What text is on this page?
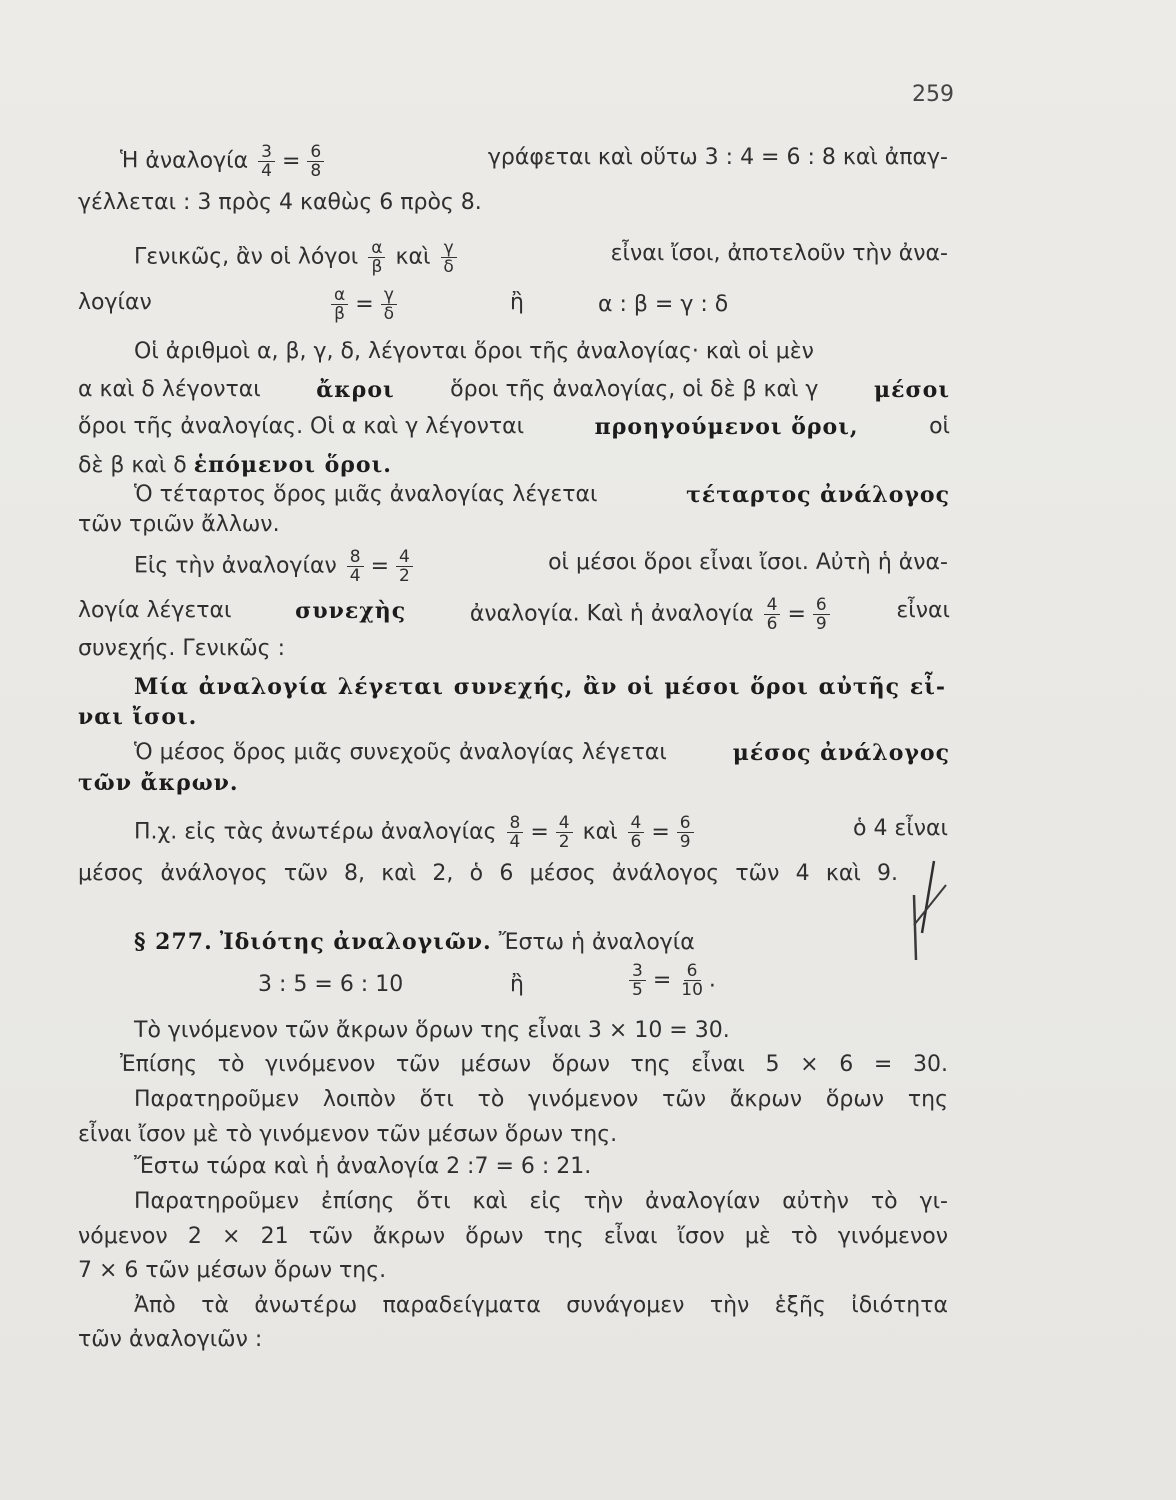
259
Ἡ ἀναλογία $\frac{3}{4} = \frac{6}{8}$	γράφεται καὶ οὕτω 3 : 4 = 6 : 8 καὶ ἀπαγ-
γέλλεται : 3 πρὸς 4 καθὼς 6 πρὸς 8.
Γενικῶς, ἂν οἱ λόγοι $\frac{\alpha}{\beta}$ καὶ $\frac{\gamma}{\delta}$	εἶναι ἴσοι, ἀποτελοῦν τὴν ἀνα-
λογίαν	$\frac{\alpha}{\beta} = \frac{\gamma}{\delta}$	ἢ	α : β = γ : δ
Οἱ ἀριθμοὶ α, β, γ, δ, λέγονται ὅροι τῆς ἀναλογίας· καὶ οἱ μὲν
α καὶ δ λέγονται	ἄκροι	ὅροι τῆς ἀναλογίας, οἱ δὲ β καὶ γ	μέσοι
ὅροι τῆς ἀναλογίας. Οἱ α καὶ γ λέγονται	προηγούμενοι ὅροι,	οἱ
δὲ β καὶ δ ἑπόμενοι ὅροι.
Ὁ τέταρτος ὅρος μιᾶς ἀναλογίας λέγεται	τέταρτος ἀνάλογος
τῶν τριῶν ἄλλων.
Εἰς τὴν ἀναλογίαν $\frac{8}{4} = \frac{4}{2}$	οἱ μέσοι ὅροι εἶναι ἴσοι. Αὐτὴ ἡ ἀνα-
λογία λέγεται	συνεχὴς	ἀναλογία. Καὶ ἡ ἀναλογία $\frac{4}{6} = \frac{6}{9}$	εἶναι
συνεχής. Γενικῶς :
Μία ἀναλογία λέγεται συνεχής, ἂν οἱ μέσοι ὅροι αὐτῆς εἶ-
ναι ἴσοι.
Ὁ μέσος ὅρος μιᾶς συνεχοῦς ἀναλογίας λέγεται	μέσος ἀνάλογος
τῶν ἄκρων.
Π.χ. εἰς τὰς ἀνωτέρω ἀναλογίας $\frac{8}{4} = \frac{4}{2}$ καὶ $\frac{4}{6} = \frac{6}{9}$	ὁ 4 εἶναι
μέσος ἀνάλογος τῶν 8, καὶ 2, ὁ 6 μέσος ἀνάλογος τῶν 4 καὶ 9.
§ 277. Ἰδιότης ἀναλογιῶν. Ἔστω ἡ ἀναλογία
3 : 5 = 6 : 10	ἢ	$\frac{3}{5} = \frac{6}{10}$ .
Τὸ γινόμενον τῶν ἄκρων ὅρων της εἶναι 3 × 10 = 30.
Ἐπίσης τὸ γινόμενον τῶν μέσων ὅρων της εἶναι 5 × 6 = 30.
Παρατηροῦμεν λοιπὸν ὅτι τὸ γινόμενον τῶν ἄκρων ὅρων της
εἶναι ἴσον μὲ τὸ γινόμενον τῶν μέσων ὅρων της.
Ἔστω τώρα καὶ ἡ ἀναλογία 2 :7 = 6 : 21.
Παρατηροῦμεν ἐπίσης ὅτι καὶ εἰς τὴν ἀναλογίαν αὐτὴν τὸ γι-
νόμενον 2 × 21 τῶν ἄκρων ὅρων της εἶναι ἴσον μὲ τὸ γινόμενον
7 × 6 τῶν μέσων ὅρων της.
Ἀπὸ τὰ ἀνωτέρω παραδείγματα συνάγομεν τὴν ἑξῆς ἰδιότητα
τῶν ἀναλογιῶν :
